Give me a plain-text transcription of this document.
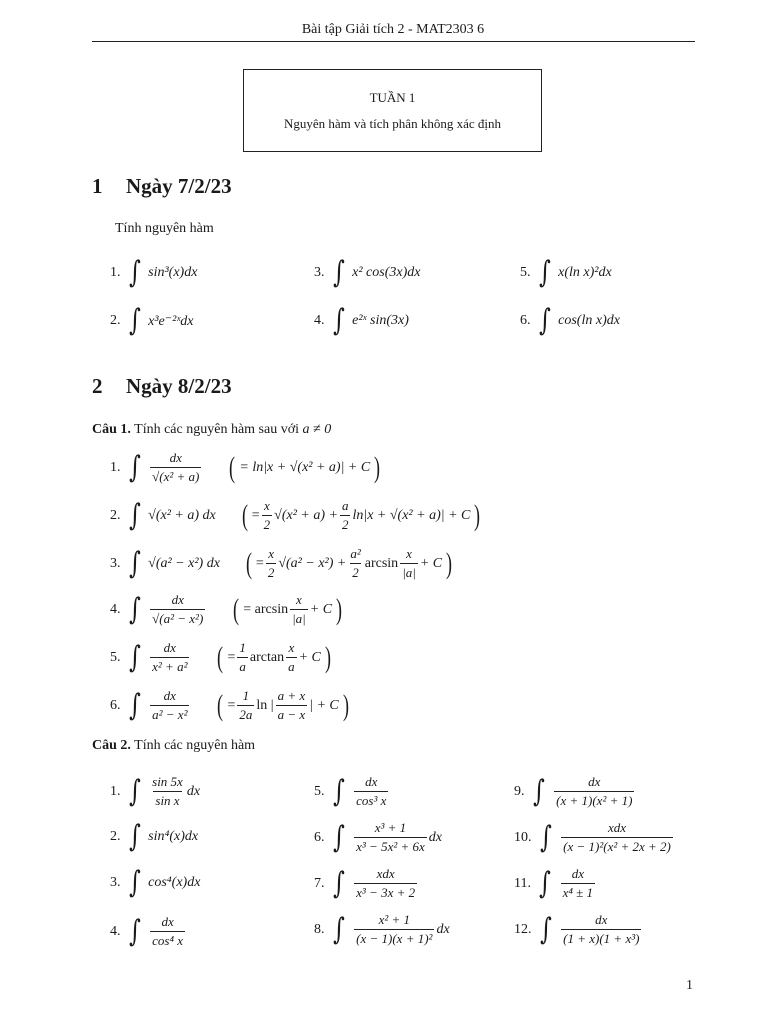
Bài tập Giải tích 2 - MAT2303 6
TUẦN 1
Nguyên hàm và tích phân không xác định
1 Ngày 7/2/23
Tính nguyên hàm
1. ∫ sin³(x)dx
2. ∫ x³e⁻²ˣdx
3. ∫ x² cos(3x)dx
4. ∫ e²ˣ sin(3x)
5. ∫ x(ln x)²dx
6. ∫ cos(ln x)dx
2 Ngày 8/2/23
Câu 1. Tính các nguyên hàm sau với a ≠ 0
1. ∫ $\frac{dx}{\text{√(x² + a)}}$ ( = ln|x + √(x² + a)| + C )
2. ∫ √(x² + a) dx ( = $\frac{x}{2} √(x^2 + a) + \frac{a}{2} \ln|x + √(x^2 + a)| + C$ )
3. ∫ √(a² − x²) dx ( = $\frac{x}{2} √(a^2 - x^2) + \frac{\text{a²}}{2}$ $\arcsin \frac{x}{|a|} + C$ )
4. ∫ $\frac{dx}{\text{√(a² − x²)}}$ ( = $\arcsin \frac{x}{|a|} + C$ )
5. ∫ $\frac{dx}{\text{x² + a²}}$ ( = $\frac{1}{a}$ $\arctan \frac{x}{a} + C$ )
6. ∫ $\frac{dx}{\text{a² − x²}}$ ( = $\frac{1}{2a}$ ln | $\frac{a + x}{a - x}$ | + C )
Câu 2. Tính các nguyên hàm
1. ∫ $\frac{\sin 5x}{\text{sin x}}$ dx
2. ∫ sin⁴(x)dx
3. ∫ cos⁴(x)dx
4. ∫ $\frac{dx}{\text{cos⁴ x}}$
5. ∫ $\frac{dx}{\text{cos³ x}}$
6. ∫ $\frac{\text{x³ + 1}}{\text{x³ − 5x² + 6x}}$ dx
7. ∫ $\frac{\text{xdx}}{\text{x³ − 3x + 2}}$
8. ∫ $\frac{\text{x² + 1}}{\text{(x − 1)(x + 1)²}}$ dx
9. ∫ $\frac{dx}{\text{(x + 1)(x² + 1)}}$
10. ∫ $\frac{\text{xdx}}{\text{(x − 1)²(x² + 2x + 2)}}$
11. ∫ $\frac{dx}{\text{x⁴ ± 1}}$
12. ∫ $\frac{dx}{\text{(1 + x)(1 + x³)}}$
1
